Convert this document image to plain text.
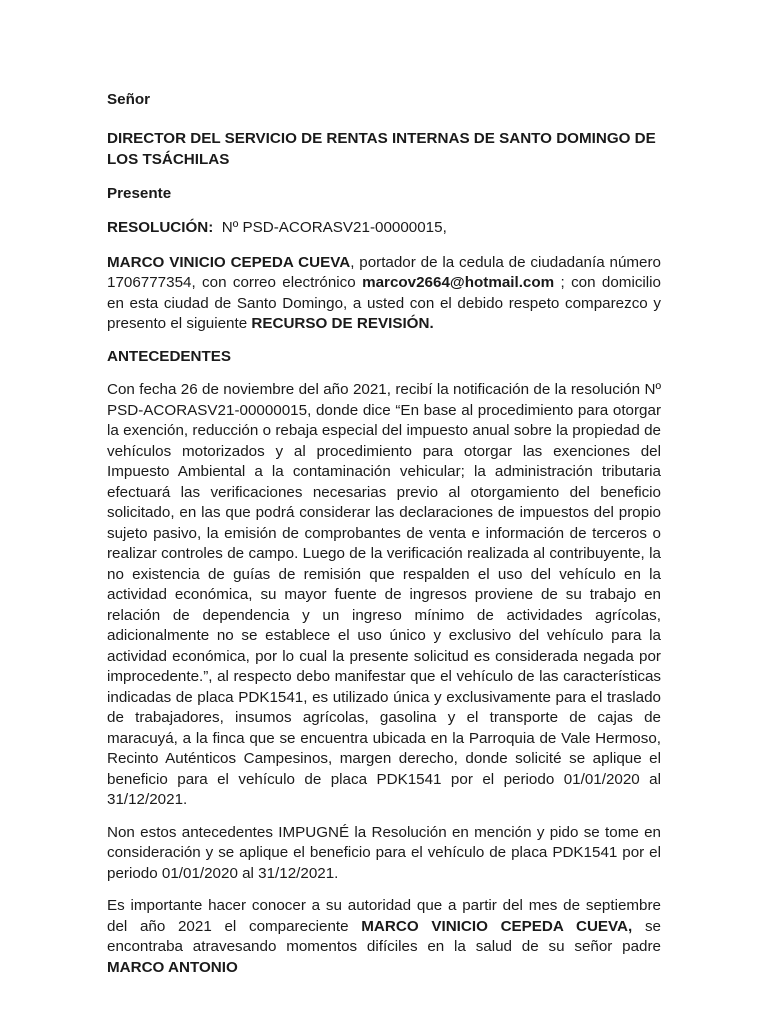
Señor
DIRECTOR DEL SERVICIO DE RENTAS INTERNAS DE SANTO DOMINGO DE LOS TSÁCHILAS
Presente
RESOLUCIÓN: Nº PSD-ACORASV21-00000015,
MARCO VINICIO CEPEDA CUEVA, portador de la cedula de ciudadanía número 1706777354, con correo electrónico marcov2664@hotmail.com ; con domicilio en esta ciudad de Santo Domingo, a usted con el debido respeto comparezco y presento el siguiente RECURSO DE REVISIÓN.
ANTECEDENTES
Con fecha 26 de noviembre del año 2021, recibí la notificación de la resolución Nº PSD-ACORASV21-00000015, donde dice “En base al procedimiento para otorgar la exención, reducción o rebaja especial del impuesto anual sobre la propiedad de vehículos motorizados y al procedimiento para otorgar las exenciones del Impuesto Ambiental a la contaminación vehicular; la administración tributaria efectuará las verificaciones necesarias previo al otorgamiento del beneficio solicitado, en las que podrá considerar las declaraciones de impuestos del propio sujeto pasivo, la emisión de comprobantes de venta e información de terceros o realizar controles de campo. Luego de la verificación realizada al contribuyente, la no existencia de guías de remisión que respalden el uso del vehículo en la actividad económica, su mayor fuente de ingresos proviene de su trabajo en relación de dependencia y un ingreso mínimo de actividades agrícolas, adicionalmente no se establece el uso único y exclusivo del vehículo para la actividad económica, por lo cual la presente solicitud es considerada negada por improcedente.”, al respecto debo manifestar que el vehículo de las características indicadas de placa PDK1541, es utilizado única y exclusivamente para el traslado de trabajadores, insumos agrícolas, gasolina y el transporte de cajas de maracuyá, a la finca que se encuentra ubicada en la Parroquia de Vale Hermoso, Recinto Auténticos Campesinos, margen derecho, donde solicité se aplique el beneficio para el vehículo de placa PDK1541 por el periodo 01/01/2020 al 31/12/2021.
Non estos antecedentes IMPUGNÉ la Resolución en mención y pido se tome en consideración y se aplique el beneficio para el vehículo de placa PDK1541 por el periodo 01/01/2020 al 31/12/2021.
Es importante hacer conocer a su autoridad que a partir del mes de septiembre del año 2021 el compareciente MARCO VINICIO CEPEDA CUEVA, se encontraba atravesando momentos difíciles en la salud de su señor padre MARCO ANTONIO
